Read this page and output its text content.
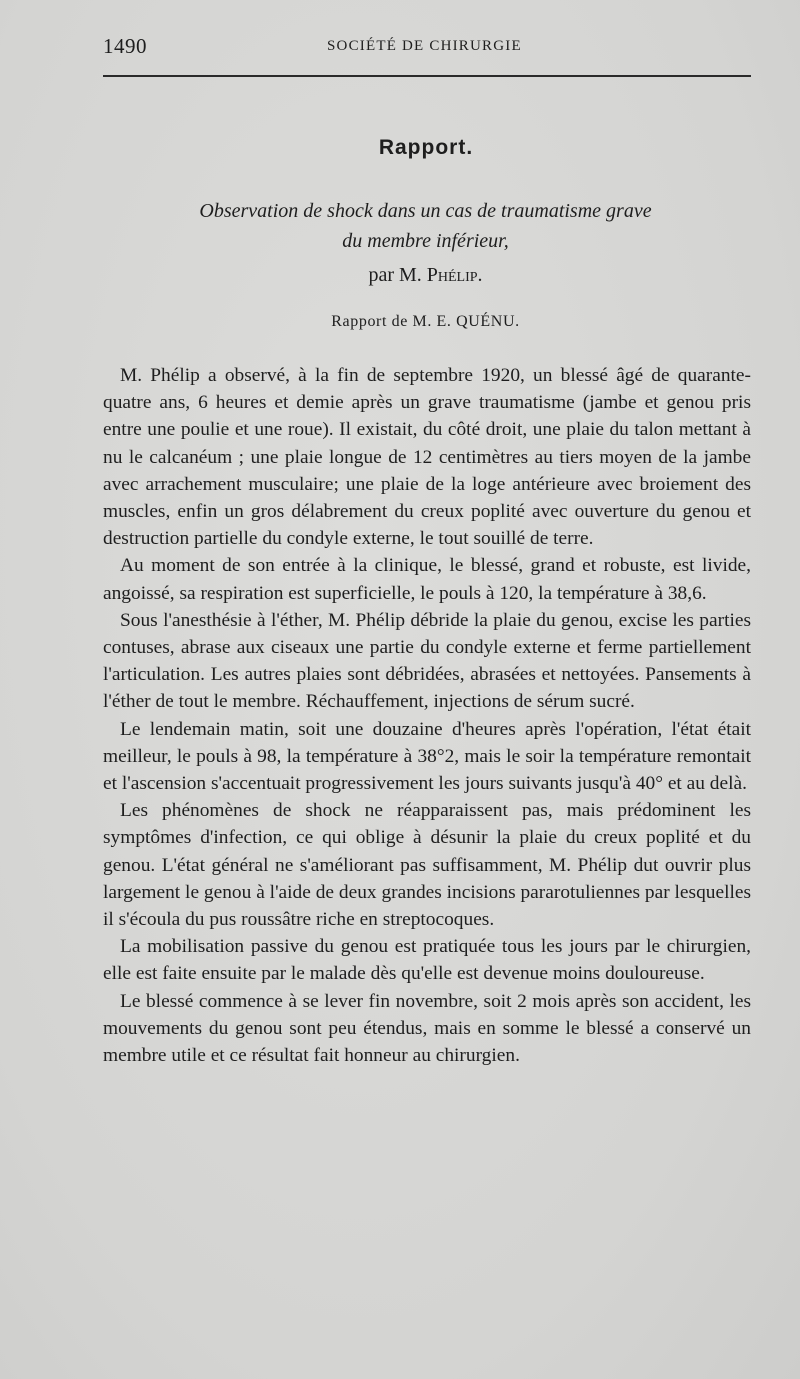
1490	SOCIÉTÉ DE CHIRURGIE
Rapport.
Observation de shock dans un cas de traumatisme grave
du membre inférieur,
par M. Phélip.
Rapport de M. E. QUÉNU.

M. Phélip a observé, à la fin de septembre 1920, un blessé âgé de quarante-quatre ans, 6 heures et demie après un grave traumatisme (jambe et genou pris entre une poulie et une roue). Il existait, du côté droit, une plaie du talon mettant à nu le calcanéum ; une plaie longue de 12 centimètres au tiers moyen de la jambe avec arrachement musculaire; une plaie de la loge antérieure avec broiement des muscles, enfin un gros délabrement du creux poplité avec ouverture du genou et destruction partielle du condyle externe, le tout souillé de terre.

Au moment de son entrée à la clinique, le blessé, grand et robuste, est livide, angoissé, sa respiration est superficielle, le pouls à 120, la température à 38,6.

Sous l'anesthésie à l'éther, M. Phélip débride la plaie du genou, excise les parties contuses, abrase aux ciseaux une partie du condyle externe et ferme partiellement l'articulation. Les autres plaies sont débridées, abrasées et nettoyées. Pansements à l'éther de tout le membre. Réchauffement, injections de sérum sucré.

Le lendemain matin, soit une douzaine d'heures après l'opération, l'état était meilleur, le pouls à 98, la température à 38°2, mais le soir la température remontait et l'ascension s'accentuait progressivement les jours suivants jusqu'à 40° et au delà.

Les phénomènes de shock ne réapparaissent pas, mais prédominent les symptômes d'infection, ce qui oblige à désunir la plaie du creux poplité et du genou. L'état général ne s'améliorant pas suffisamment, M. Phélip dut ouvrir plus largement le genou à l'aide de deux grandes incisions pararotuliennes par lesquelles il s'écoula du pus roussâtre riche en streptocoques.

La mobilisation passive du genou est pratiquée tous les jours par le chirurgien, elle est faite ensuite par le malade dès qu'elle est devenue moins douloureuse.

Le blessé commence à se lever fin novembre, soit 2 mois après son accident, les mouvements du genou sont peu étendus, mais en somme le blessé a conservé un membre utile et ce résultat fait honneur au chirurgien.
